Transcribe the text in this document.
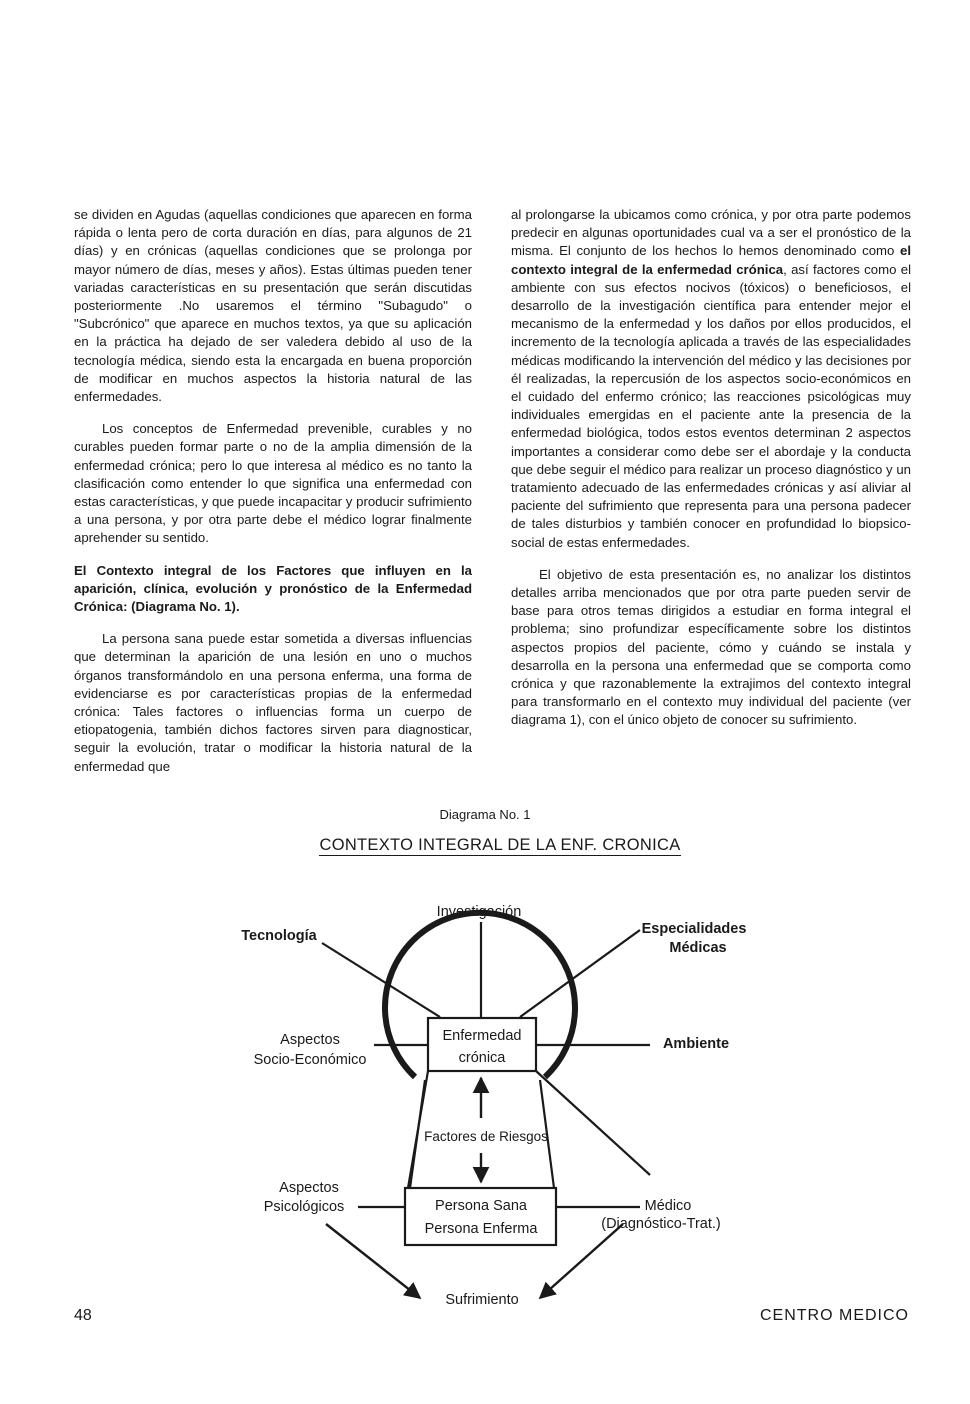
se dividen en Agudas (aquellas condiciones que aparecen en forma rápida o lenta pero de corta duración en días, para algunos de 21 días) y en crónicas (aquellas condiciones que se prolonga por mayor número de días, meses y años). Estas últimas pueden tener variadas características en su presentación que serán discutidas posteriormente .No usaremos el término "Subagudo" o "Subcrónico" que aparece en muchos textos, ya que su aplicación en la práctica ha dejado de ser valedera debido al uso de la tecnología médica, siendo esta la encargada en buena proporción de modificar en muchos aspectos la historia natural de las enfermedades.

Los conceptos de Enfermedad prevenible, curables y no curables pueden formar parte o no de la amplia dimensión de la enfermedad crónica; pero lo que interesa al médico es no tanto la clasificación como entender lo que significa una enfermedad con estas características, y que puede incapacitar y producir sufrimiento a una persona, y por otra parte debe el médico lograr finalmente aprehender su sentido.

El Contexto integral de los Factores que influyen en la aparición, clínica, evolución y pronóstico de la Enfermedad Crónica: (Diagrama No. 1).

La persona sana puede estar sometida a diversas influencias que determinan la aparición de una lesión en uno o muchos órganos transformándolo en una persona enferma, una forma de evidenciarse es por características propias de la enfermedad crónica: Tales factores o influencias forma un cuerpo de etiopatogenia, también dichos factores sirven para diagnosticar, seguir la evolución, tratar o modificar la historia natural de la enfermedad que

al prolongarse la ubicamos como crónica, y por otra parte podemos predecir en algunas oportunidades cual va a ser el pronóstico de la misma. El conjunto de los hechos lo hemos denominado como el contexto integral de la enfermedad crónica, así factores como el ambiente con sus efectos nocivos (tóxicos) o beneficiosos, el desarrollo de la investigación científica para entender mejor el mecanismo de la enfermedad y los daños por ellos producidos, el incremento de la tecnología aplicada a través de las especialidades médicas modificando la intervención del médico y las decisiones por él realizadas, la repercusión de los aspectos socio-económicos en el cuidado del enfermo crónico; las reacciones psicológicas muy individuales emergidas en el paciente ante la presencia de la enfermedad biológica, todos estos eventos determinan 2 aspectos importantes a considerar como debe ser el abordaje y la conducta que debe seguir el médico para realizar un proceso diagnóstico y un tratamiento adecuado de las enfermedades crónicas y así aliviar al paciente del sufrimiento que representa para una persona padecer de tales disturbios y también conocer en profundidad lo biopsico-social de estas enfermedades.

El objetivo de esta presentación es, no analizar los distintos detalles arriba mencionados que por otra parte pueden servir de base para otros temas dirigidos a estudiar en forma integral el problema; sino profundizar específicamente sobre los distintos aspectos propios del paciente, cómo y cuándo se instala y desarrolla en la persona una enfermedad que se comporta como crónica y que razonablemente la extrajimos del contexto integral para transformarlo en el contexto muy individual del paciente (ver diagrama 1), con el único objeto de conocer su sufrimiento.

Diagrama No. 1
CONTEXTO INTEGRAL DE LA ENF. CRONICA
Investigación
Tecnología	Especialidades
Médicas
Aspectos
Socio-Económico
Ambiente
Enfermedad
crónica
Factores de Riesgos
Aspectos
Psicológicos	Persona Sana
Persona Enferma
Médico
(Diagnóstico-Trat.)
Sufrimiento
48	CENTRO MEDICO
